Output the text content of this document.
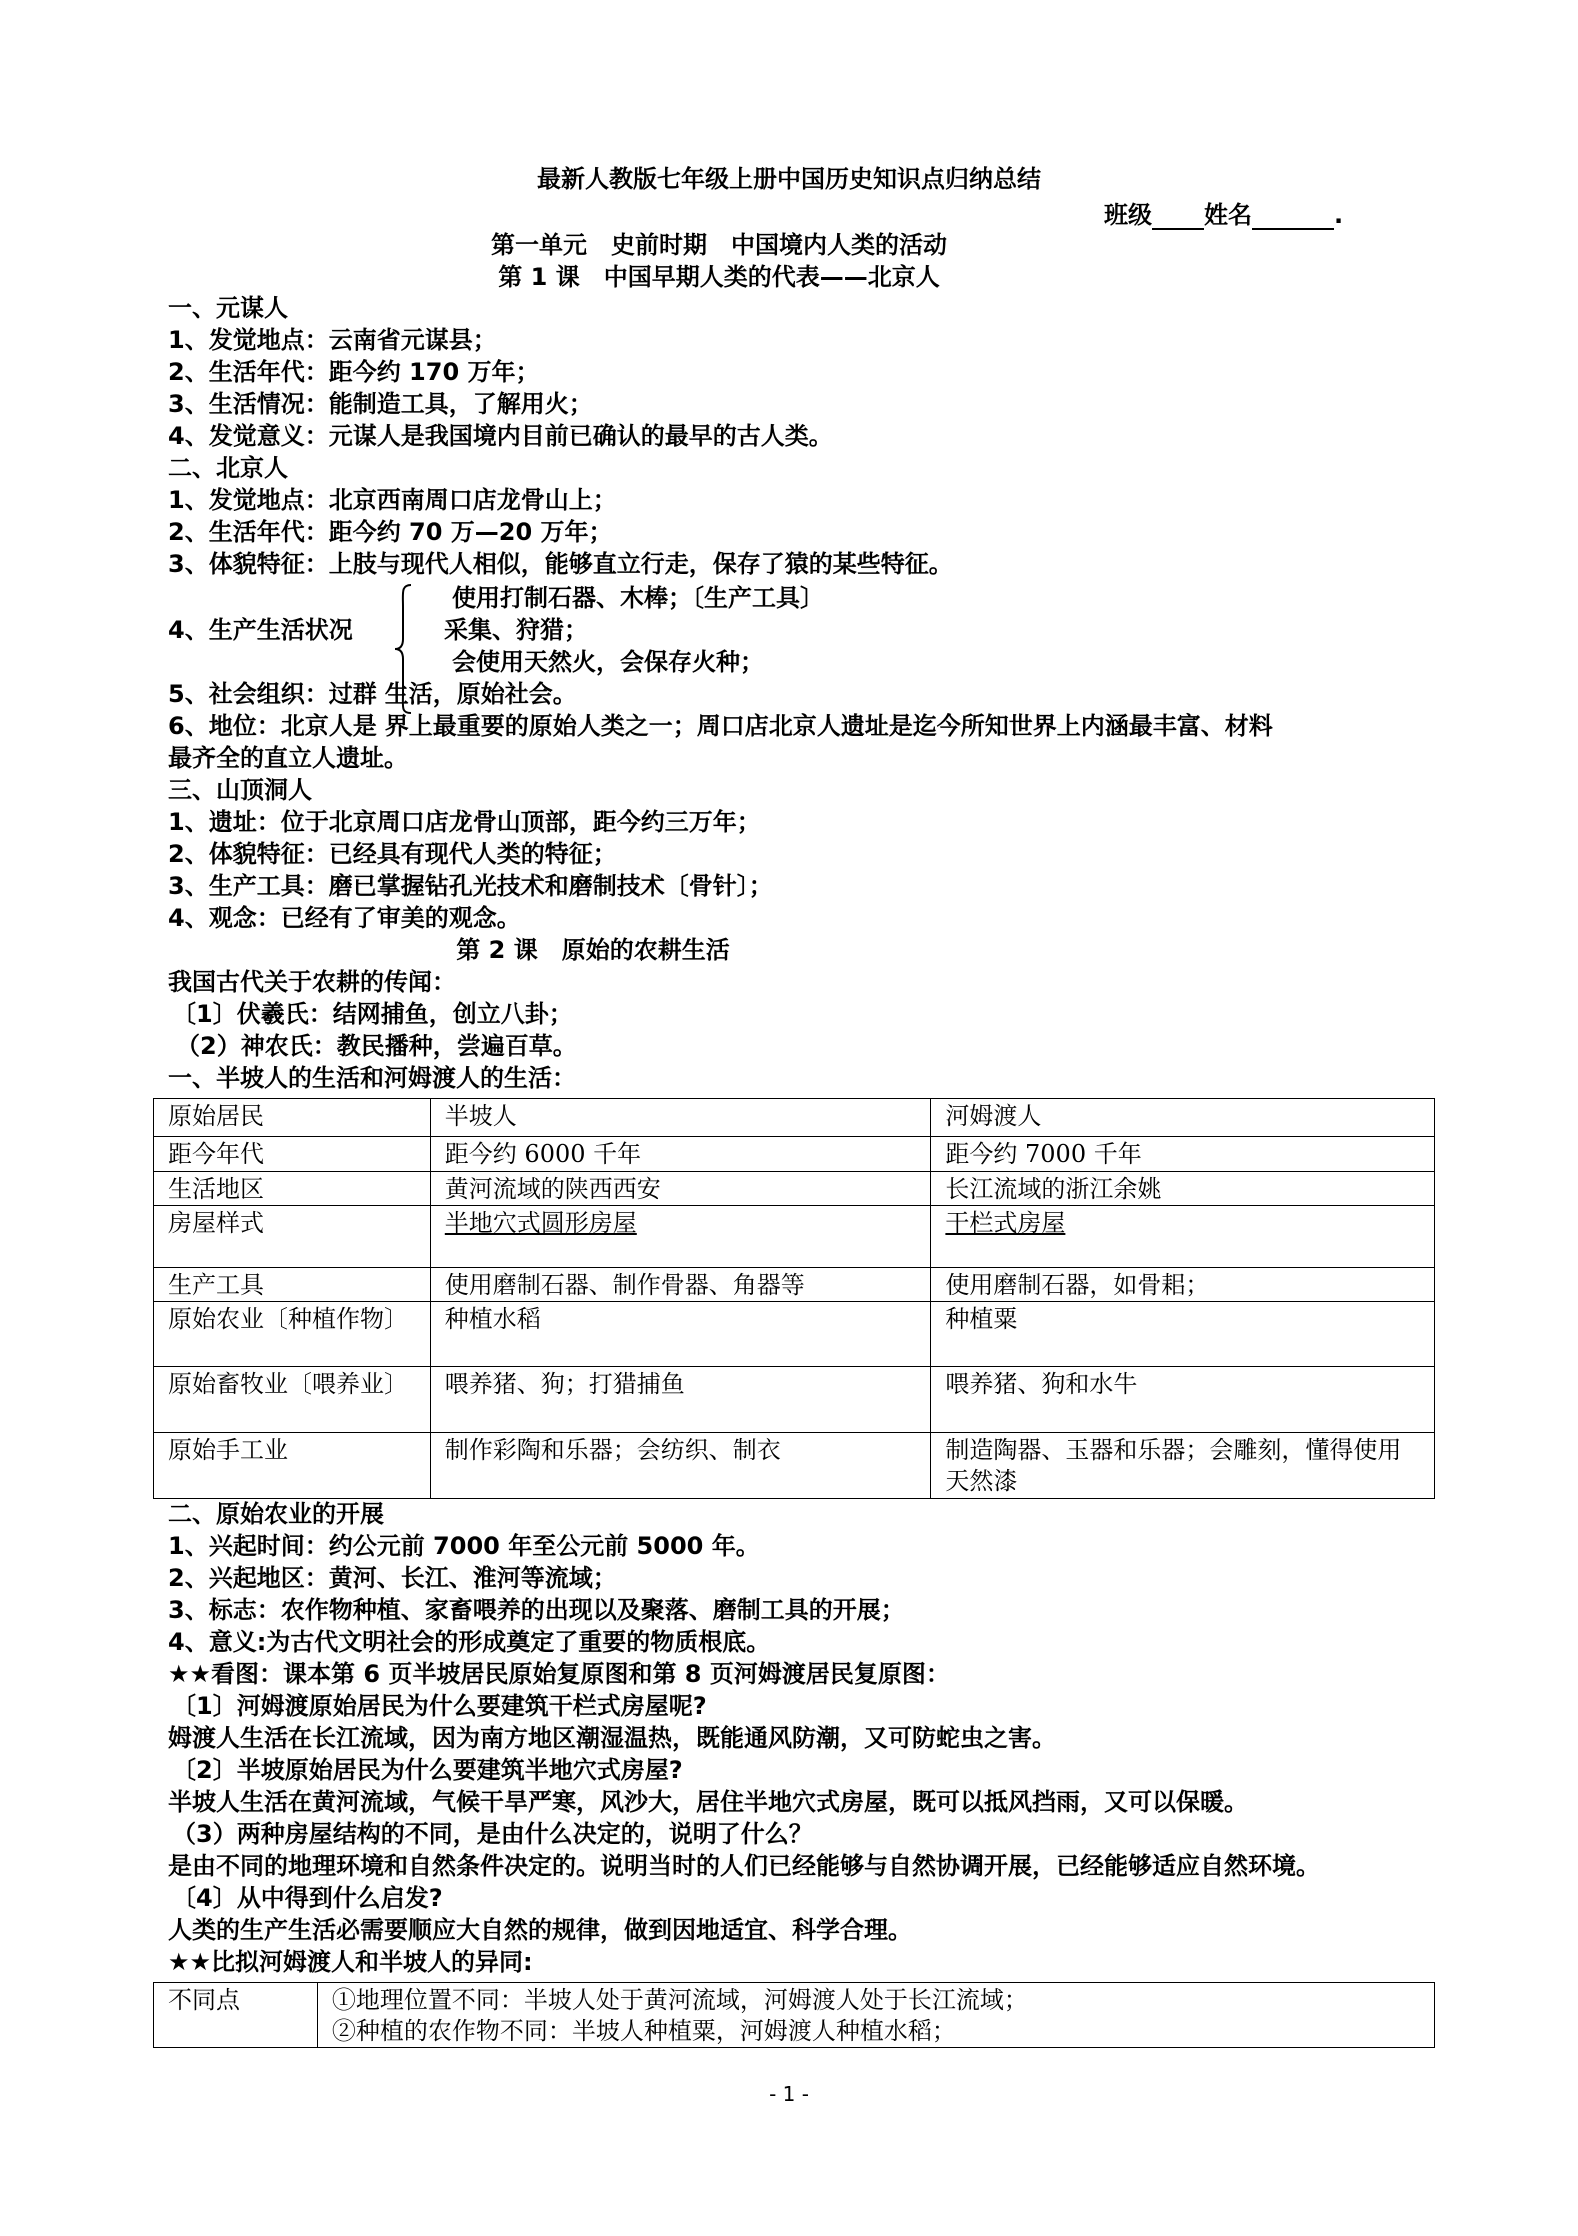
最新人教版七年级上册中国历史知识点归纳总结
班级 姓名	.
第一单元　史前时期　中国境内人类的活动
第 1 课　中国早期人类的代表——北京人
一、元谋人
1、发觉地点：云南省元谋县；
2、生活年代：距今约 170 万年；
3、生活情况：能制造工具，了解用火；
4、发觉意义：元谋人是我国境内目前已确认的最早的古人类。
二、北京人
1、发觉地点：北京西南周口店龙骨山上；
2、生活年代：距今约 70 万—20 万年；
3、体貌特征：上肢与现代人相似，能够直立行走，保存了猿的某些特征。
使用打制石器、木棒；〔生产工具〕
4、生产生活状况	采集、狩猎；
会使用天然火，会保存火种；
5、社会组织：过群 生活，原始社会。
6、地位：北京人是 界上最重要的原始人类之一；周口店北京人遗址是迄今所知世界上内涵最丰富、材料
最齐全的直立人遗址。
三、山顶洞人
1、遗址：位于北京周口店龙骨山顶部，距今约三万年；
2、体貌特征：已经具有现代人类的特征；
3、生产工具：磨已掌握钻孔光技术和磨制技术〔骨针〕；
4、观念：已经有了审美的观念。
第 2 课　原始的农耕生活
我国古代关于农耕的传闻：
〔1〕伏羲氏：结网捕鱼，创立八卦；
（2）神农氏：教民播种，尝遍百草。
一、半坡人的生活和河姆渡人的生活：
原始居民	半坡人	河姆渡人
距今年代	距今约 6000 千年	距今约 7000 千年
生活地区	黄河流域的陕西西安	长江流域的浙江余姚
房屋样式	半地穴式圆形房屋	干栏式房屋
生产工具	使用磨制石器、制作骨器、角器等	使用磨制石器，如骨耜；
原始农业〔种植作物〕	种植水稻	种植粟
原始畜牧业〔喂养业〕	喂养猪、狗；打猎捕鱼	喂养猪、狗和水牛
原始手工业	制作彩陶和乐器；会纺织、制衣	制造陶器、玉器和乐器；会雕刻，懂得使用天然漆
二、原始农业的开展
1、兴起时间：约公元前 7000 年至公元前 5000 年。
2、兴起地区：黄河、长江、淮河等流域；
3、标志：农作物种植、家畜喂养的出现以及聚落、磨制工具的开展；
4、意义:为古代文明社会的形成奠定了重要的物质根底。
★★看图：课本第 6 页半坡居民原始复原图和第 8 页河姆渡居民复原图：
〔1〕河姆渡原始居民为什么要建筑干栏式房屋呢?
姆渡人生活在长江流域，因为南方地区潮湿温热，既能通风防潮，又可防蛇虫之害。
〔2〕半坡原始居民为什么要建筑半地穴式房屋?
半坡人生活在黄河流域，气候干旱严寒，风沙大，居住半地穴式房屋，既可以抵风挡雨，又可以保暖。
（3）两种房屋结构的不同，是由什么决定的，说明了什么？
是由不同的地理环境和自然条件决定的。说明当时的人们已经能够与自然协调开展，已经能够适应自然环境。
〔4〕从中得到什么启发?
人类的生产生活必需要顺应大自然的规律，做到因地适宜、科学合理。
★★比拟河姆渡人和半坡人的异同:
不同点	①地理位置不同：半坡人处于黄河流域，河姆渡人处于长江流域；
②种植的农作物不同：半坡人种植粟，河姆渡人种植水稻；
- 1 -
